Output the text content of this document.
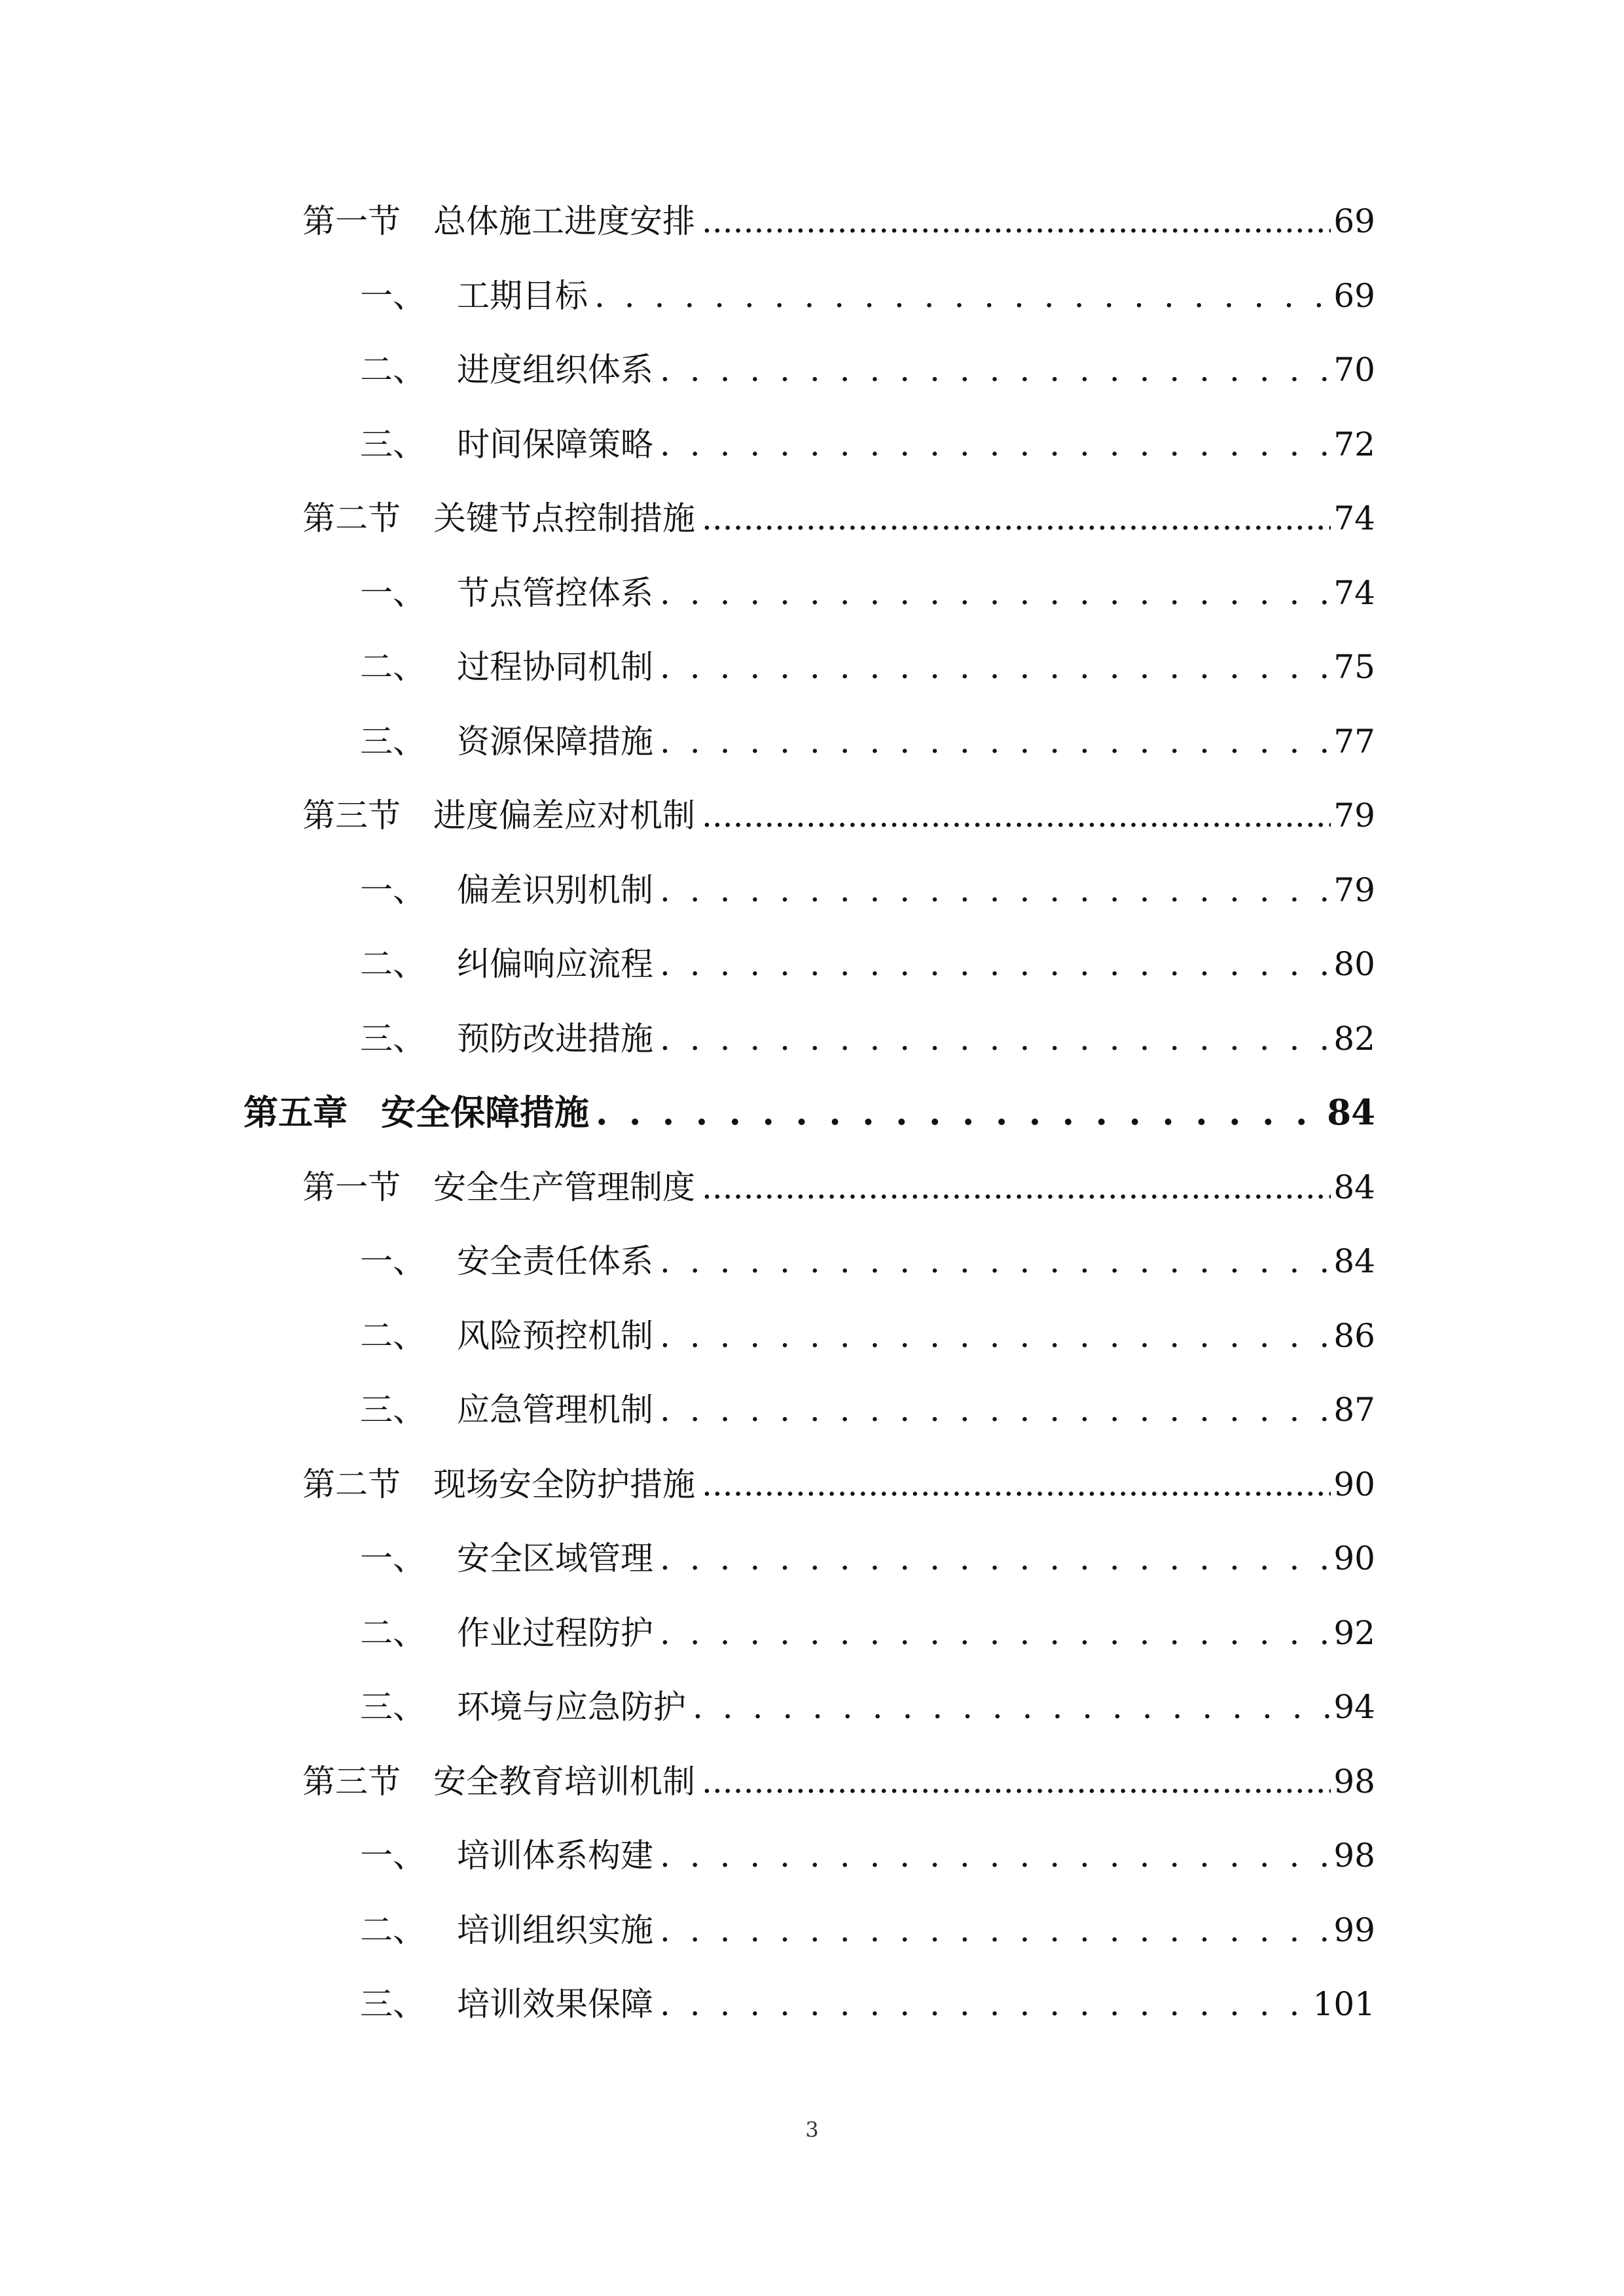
第一节 总体施工进度安排 .....	69
一、 工期目标 . . .	69
二、 进度组织体系 . . .	70
三、 时间保障策略 . . .	72
第二节 关键节点控制措施 .....	74
一、 节点管控体系 . . .	74
二、 过程协同机制 . . .	75
三、 资源保障措施 . . .	77
第三节 进度偏差应对机制 .....	79
一、 偏差识别机制 . . .	79
二、 纠偏响应流程 . . .	80
三、 预防改进措施 . . .	82
第五章 安全保障措施 . . .	84
第一节 安全生产管理制度 .....	84
一、 安全责任体系 . . .	84
二、 风险预控机制 . . .	86
三、 应急管理机制 . . .	87
第二节 现场安全防护措施 .....	90
一、 安全区域管理 . . .	90
二、 作业过程防护 . . .	92
三、 环境与应急防护 . . .	94
第三节 安全教育培训机制 .....	98
一、 培训体系构建 . . .	98
二、 培训组织实施 . . .	99
三、 培训效果保障 . . .	101
3
